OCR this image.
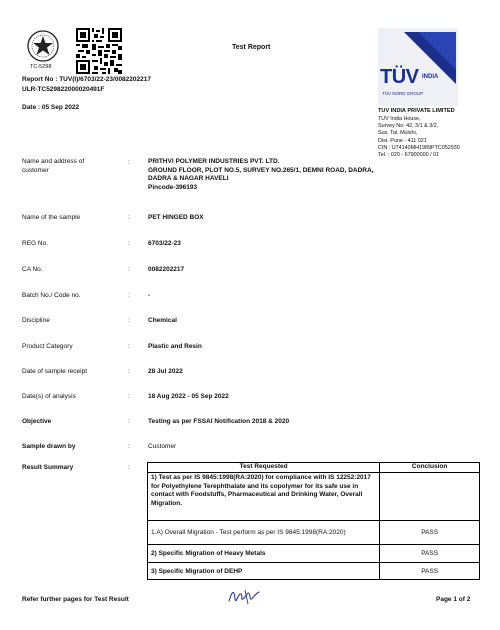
TC-5298
Test Report
Report No : TUV(I)/6703/22-23/0082202217
ULR-TC529822000020491F
Date : 05 Sep 2022
TÜV INDIA
TÜV NORD GROUP
TUV INDIA PRIVATE LIMITED
TUV India House,
Survey No: 42, 3/1 & 3/2,
Sus, Tal. Mulshi,
Dist. Pune - 411 021
CIN : U74140MH1989PTC052930
Tel. : 020 - 67900000 / 01
Name and address of
customer
:	PRITHVI POLYMER INDUSTRIES PVT. LTD.
GROUND FLOOR, PLOT NO.5, SURVEY NO.265/1, DEMNI ROAD, DADRA,
DADRA & NAGAR HAVELI
Pincode-396193
Name of the sample	:	PET HINGED BOX
REG No.	:	6703/22-23
CA No.	:	0082202217
Batch No./ Code no.	:	-
Discipline	:	Chemical
Product Category	:	Plastic and Resin
Date of sample receipt	:	28 Jul 2022
Date(s) of analysis	:	18 Aug 2022 - 05 Sep 2022
Objective	:	Testing as per FSSAI Notification 2018 & 2020
Sample drawn by	:	Customer
Result Summary	:	Test Requested	Conclusion
1) Test as per IS 9845:1998(RA:2020) for compliance with IS 12252:2017 for Polyethylene Terephthalate and its copolymer for its safe use in contact with Foodstuffs, Pharmaceutical and Drinking Water, Overall Migration.	
1.A) Overall Migration - Test perform as per IS 9845:1998(RA:2020)	PASS
2) Specific Migration of Heavy Metals	PASS
3) Specific Migration of DEHP	PASS
Refer further pages for Test Result	Page 1 of 2
